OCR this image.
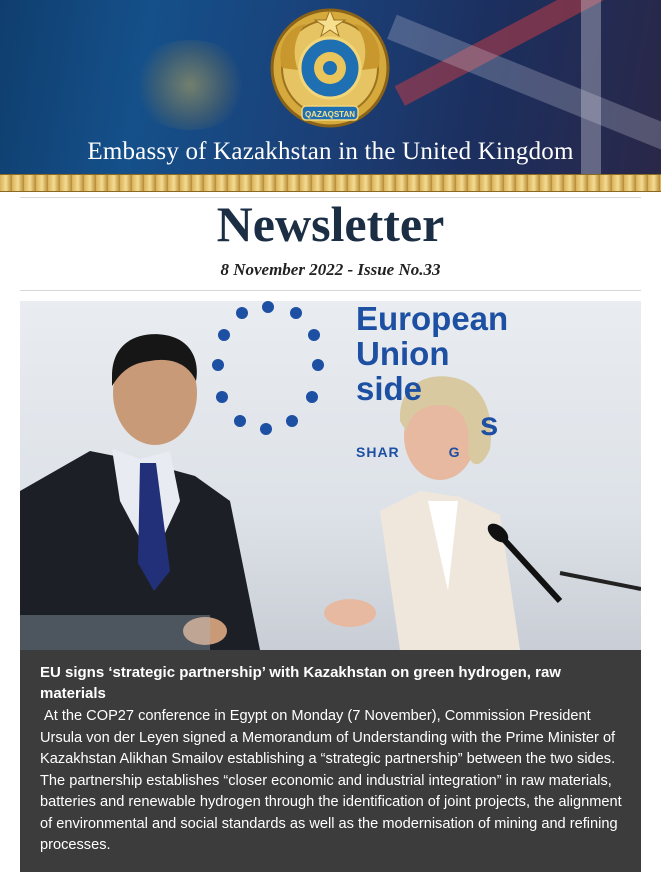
QAZAQSTAN
Embassy of Kazakhstan in the United Kingdom
Newsletter
8 November 2022 - Issue No.33
European
Union
side
s
SHAR          G
EU signs ‘strategic partnership’ with Kazakhstan on green hydrogen, raw materials

At the COP27 conference in Egypt on Monday (7 November), Commission President Ursula von der Leyen signed a Memorandum of Understanding with the Prime Minister of Kazakhstan Alikhan Smailov establishing a “strategic partnership” between the two sides. The partnership establishes “closer economic and industrial integration” in raw materials, batteries and renewable hydrogen through the identification of joint projects, the alignment of environmental and social standards as well as the modernisation of mining and refining processes.
